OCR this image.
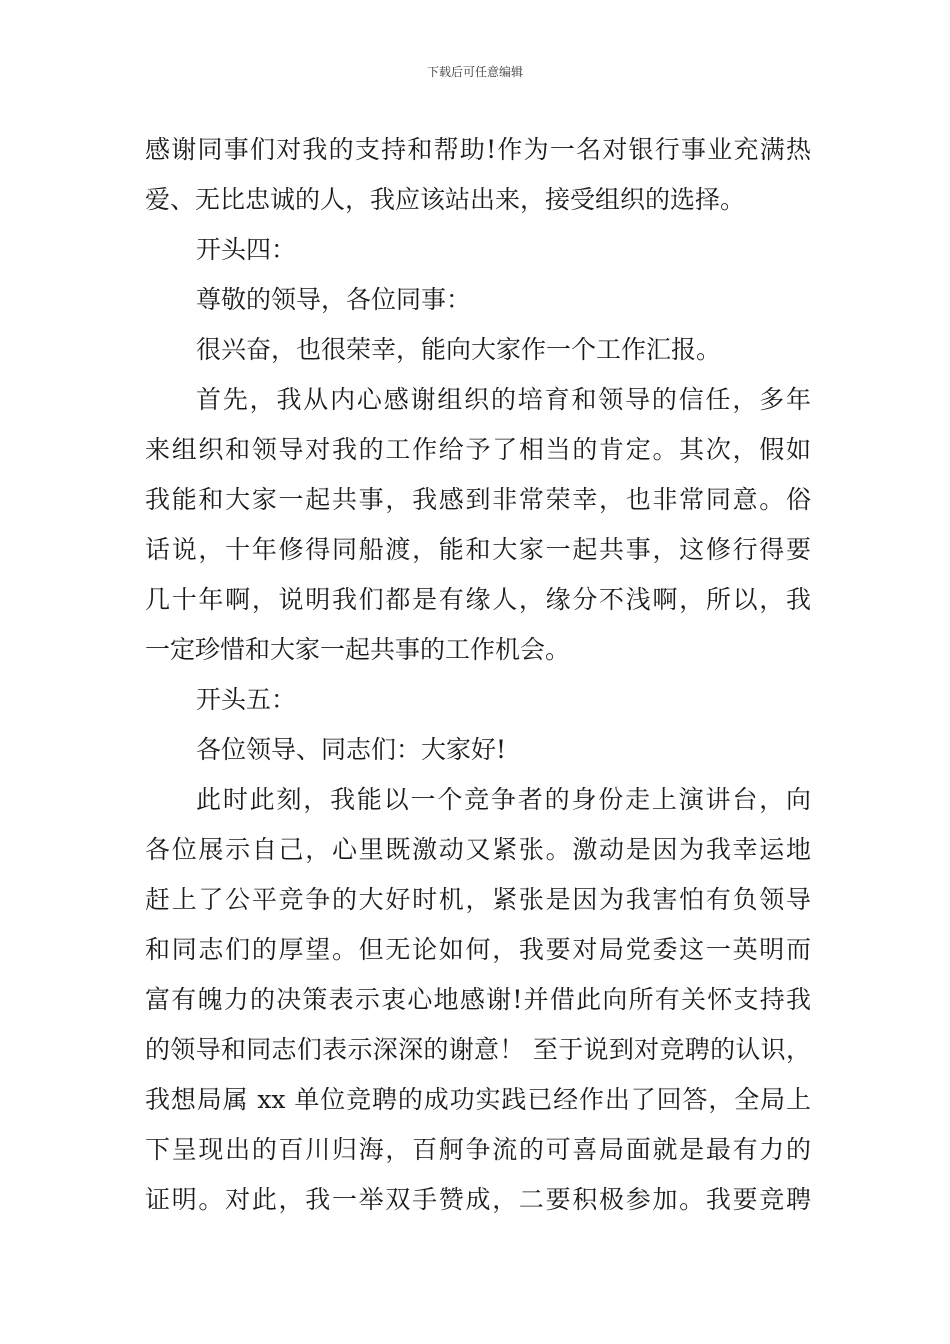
下载后可任意编辑
感谢同事们对我的支持和帮助!作为一名对银行事业充满热
爱、无比忠诚的人，我应该站出来，接受组织的选择。
开头四：
尊敬的领导，各位同事：
很兴奋，也很荣幸，能向大家作一个工作汇报。
首先，我从内心感谢组织的培育和领导的信任，多年
来组织和领导对我的工作给予了相当的肯定。其次，假如
我能和大家一起共事，我感到非常荣幸，也非常同意。俗
话说，十年修得同船渡，能和大家一起共事，这修行得要
几十年啊，说明我们都是有缘人，缘分不浅啊，所以，我
一定珍惜和大家一起共事的工作机会。
开头五：
各位领导、同志们：大家好!
此时此刻，我能以一个竞争者的身份走上演讲台，向
各位展示自己，心里既激动又紧张。激动是因为我幸运地
赶上了公平竞争的大好时机，紧张是因为我害怕有负领导
和同志们的厚望。但无论如何，我要对局党委这一英明而
富有魄力的决策表示衷心地感谢!并借此向所有关怀支持我
的领导和同志们表示深深的谢意！ 至于说到对竞聘的认识，
我想局属 xx 单位竞聘的成功实践已经作出了回答，全局上
下呈现出的百川归海，百舸争流的可喜局面就是最有力的
证明。对此，我一举双手赞成，二要积极参加。我要竞聘
